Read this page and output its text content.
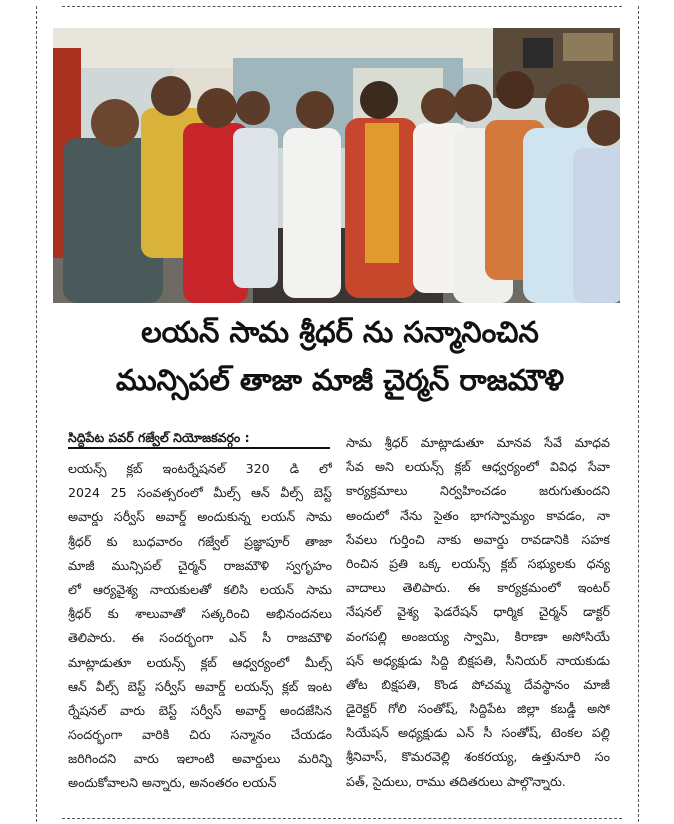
లయన్ సామ శ్రీధర్ ను సన్మానించిన
మున్సిపల్ తాజా మాజీ చైర్మన్ రాజమౌళి
సిద్దిపేట పవర్ గజ్వేల్ నియోజకవర్గం :
లయన్స్ క్లబ్ ఇంటర్నేషనల్ 320 డి లో
2024 25 సంవత్సరంలో మీల్స్ ఆన్ వీల్స్ బెస్ట్
అవార్డు సర్వీస్ అవార్డ్ అందుకున్న లయన్ సామ
శ్రీధర్ కు బుధవారం గజ్వేల్ ప్రజ్ఞాపూర్ తాజా
మాజీ మున్సిపల్ చైర్మన్ రాజమౌళి స్వగృహం
లో ఆర్యవైశ్య నాయకులతో కలిసి లయన్ సామ
శ్రీధర్ కు శాలువాతో సత్కరించి అభినందనలు
తెలిపారు. ఈ సందర్భంగా ఎన్ సీ రాజమౌళి
మాట్లాడుతూ లయన్స్ క్లబ్ ఆధ్వర్యంలో మీల్స్
ఆన్ వీల్స్ బెస్ట్ సర్వీస్ అవార్డ్ లయన్స్ క్లబ్ ఇంట
ర్నేషనల్ వారు బెస్ట్ సర్వీస్ అవార్డ్ అందజేసిన
సందర్భంగా వారికి చిరు సన్మానం చేయడం
జరిగిందని వారు ఇలాంటి అవార్డులు మరిన్ని
అందుకోవాలని అన్నారు, అనంతరం లయన్
సామ శ్రీధర్ మాట్లాడుతూ మానవ సేవే మాధవ
సేవ అని లయన్స్ క్లబ్ ఆధ్వర్యంలో వివిధ సేవా
కార్యక్రమాలు నిర్వహించడం జరుగుతుందని
అందులో నేను సైతం భాగస్వామ్యం కావడం, నా
సేవలు గుర్తించి నాకు అవార్డు రావడానికి సహక
రించిన ప్రతి ఒక్క లయన్స్ క్లబ్ సభ్యులకు ధన్య
వాదాలు తెలిపారు. ఈ కార్యక్రమంలో ఇంటర్
నేషనల్ వైశ్య ఫెడరేషన్ ధార్మిక చైర్మన్ డాక్టర్
వంగపల్లి అంజయ్య స్వామి, కిరాణా అసోసియే
షన్ అధ్యక్షుడు సిద్ది బిక్షపతి, సీనియర్ నాయకుడు
తోట బిక్షపతి, కొండ పోచమ్మ దేవస్థానం మాజీ
డైరెక్టర్ గోలి సంతోష్, సిద్దిపేట జిల్లా కబడ్డీ అసో
సియేషన్ అధ్యక్షుడు ఎన్ సీ సంతోష్, టెంకల పల్లి
శ్రీనివాస్, కొమరవెల్లి శంకరయ్య, ఉత్తునూరి సం
పత్, సైదులు, రాము తదితరులు పాల్గొన్నారు.
